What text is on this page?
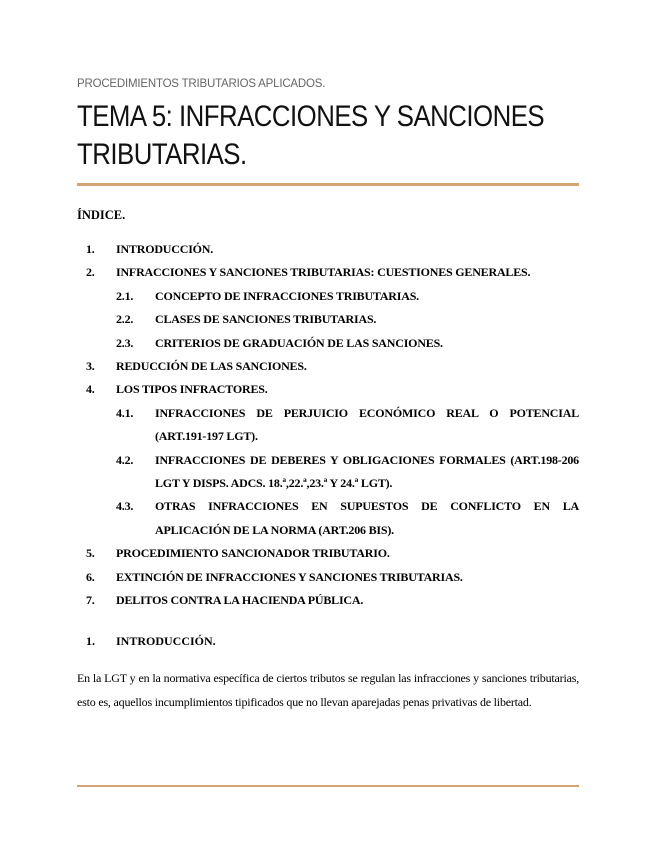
PROCEDIMIENTOS TRIBUTARIOS APLICADOS.
TEMA 5: INFRACCIONES Y SANCIONES TRIBUTARIAS.
ÍNDICE.
1.	INTRODUCCIÓN.
2.	INFRACCIONES Y SANCIONES TRIBUTARIAS: CUESTIONES GENERALES.
2.1.	CONCEPTO DE INFRACCIONES TRIBUTARIAS.
2.2.	CLASES DE SANCIONES TRIBUTARIAS.
2.3.	CRITERIOS DE GRADUACIÓN DE LAS SANCIONES.
3.	REDUCCIÓN DE LAS SANCIONES.
4.	LOS TIPOS INFRACTORES.
4.1.	INFRACCIONES DE PERJUICIO ECONÓMICO REAL O POTENCIAL (ART.191-197 LGT).
4.2.	INFRACCIONES DE DEBERES Y OBLIGACIONES FORMALES (ART.198-206 LGT Y DISPS. ADCS. 18.ª,22.ª,23.ª Y 24.ª LGT).
4.3.	OTRAS INFRACCIONES EN SUPUESTOS DE CONFLICTO EN LA APLICACIÓN DE LA NORMA (ART.206 BIS).
5.	PROCEDIMIENTO SANCIONADOR TRIBUTARIO.
6.	EXTINCIÓN DE INFRACCIONES Y SANCIONES TRIBUTARIAS.
7.	DELITOS CONTRA LA HACIENDA PÚBLICA.
1. INTRODUCCIÓN.

En la LGT y en la normativa específica de ciertos tributos se regulan las infracciones y sanciones tributarias, esto es, aquellos incumplimientos tipificados que no llevan aparejadas penas privativas de libertad.
